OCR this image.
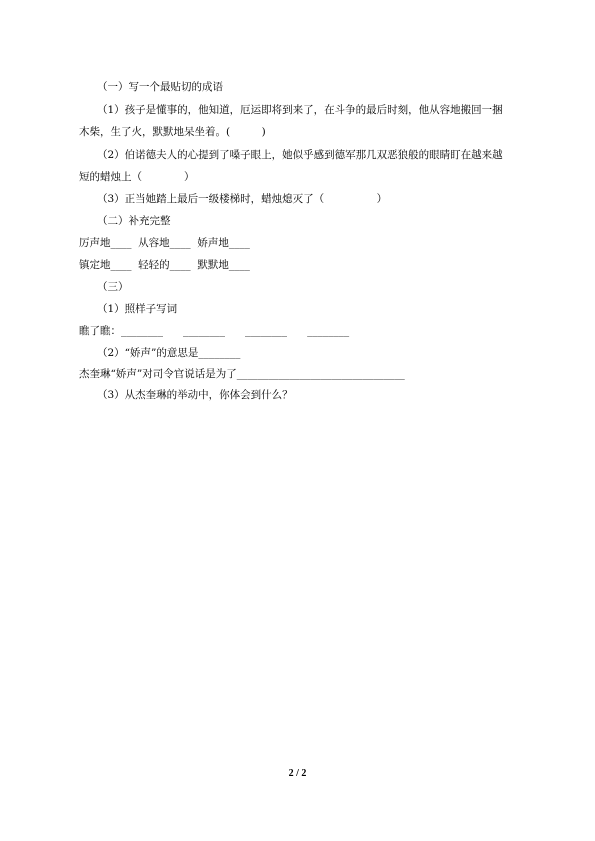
（一）写一个最贴切的成语
（1）孩子是懂事的，他知道，厄运即将到来了，在斗争的最后时刻，他从容地搬回一捆
木柴，生了火，默默地呆坐着。(　　　)
（2）伯诺德夫人的心提到了嗓子眼上，她似乎感到德军那几双恶狼般的眼睛盯在越来越
短的蜡烛上（　　　　）
（3）正当她踏上最后一级楼梯时，蜡烛熄灭了（　　　　　）
（二）补充完整
厉声地____  从容地____  娇声地____
镇定地____  轻轻的____  默默地____
（三）
（1）照样子写词
瞧了瞧：________      ________      ________      ________
（2）“娇声”的意思是________
杰奎琳“娇声”对司令官说话是为了________________________________
（3）从杰奎琳的举动中，你体会到什么？
2 / 2
